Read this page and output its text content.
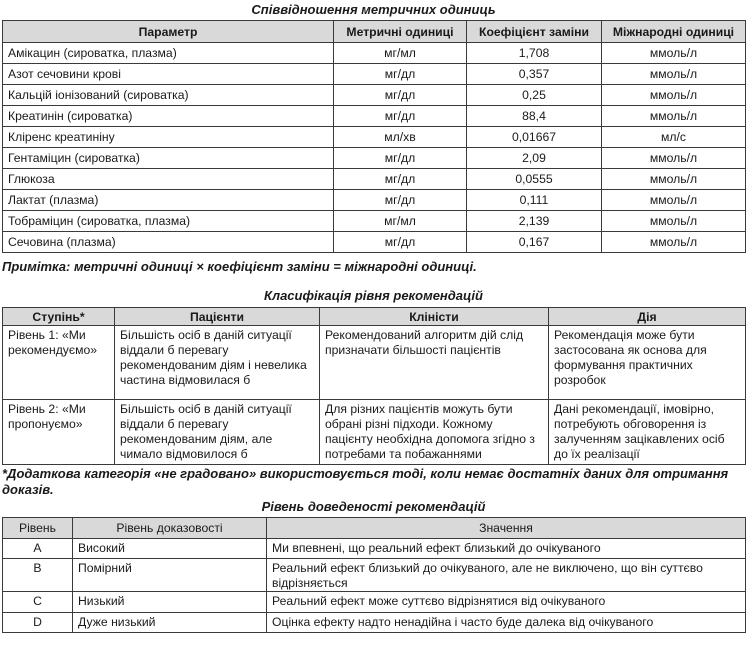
Співвідношення метричних одиниць
Параметр	Метричні одиниці	Коефіцієнт заміни	Міжнародні одиниці
Амікацин (сироватка, плазма)	мг/мл	1,708	ммоль/л
Азот сечовини крові	мг/дл	0,357	ммоль/л
Кальцій іонізований (сироватка)	мг/дл	0,25	ммоль/л
Креатинін (сироватка)	мг/дл	88,4	ммоль/л
Кліренс креатиніну	мл/хв	0,01667	мл/с
Гентаміцин (сироватка)	мг/дл	2,09	ммоль/л
Глюкоза	мг/дл	0,0555	ммоль/л
Лактат (плазма)	мг/дл	0,111	ммоль/л
Тобраміцин (сироватка, плазма)	мг/мл	2,139	ммоль/л
Сечовина (плазма)	мг/дл	0,167	ммоль/л
Примітка: метричні одиниці × коефіцієнт заміни = міжнародні одиниці.
Класифікація рівня рекомендацій
Ступінь*	Пацієнти	Кліністи	Дія
Рівень 1: «Ми рекомендуємо»	Більшість осіб в даній ситуації віддали б перевагу рекомендованим діям і невелика частина відмовилася б	Рекомендований алгоритм дій слід призначати більшості пацієнтів	Рекомендація може бути застосована як основа для формування практичних розробок
Рівень 2: «Ми пропонуємо»	Більшість осіб в даній ситуації віддали б перевагу рекомендованим діям, але чимало відмовилося б	Для різних пацієнтів можуть бути обрані різні підходи. Кожному пацієнту необхідна допомога згідно з потребами та побажаннями	Дані рекомендації, імовірно, потребують обговорення із залученням зацікавлених осіб до їх реалізації
*Додаткова категорія «не градовано» використовується тоді, коли немає достатніх даних для отримання доказів.
Рівень доведеності рекомендацій
Рівень	Рівень доказовості	Значення
A	Високий	Ми впевнені, що реальний ефект близький до очікуваного
B	Помірний	Реальний ефект близький до очікуваного, але не виключено, що він суттєво відрізняється
C	Низький	Реальний ефект може суттєво відрізнятися від очікуваного
D	Дуже низький	Оцінка ефекту надто ненадійна і часто буде далека від очікуваного
